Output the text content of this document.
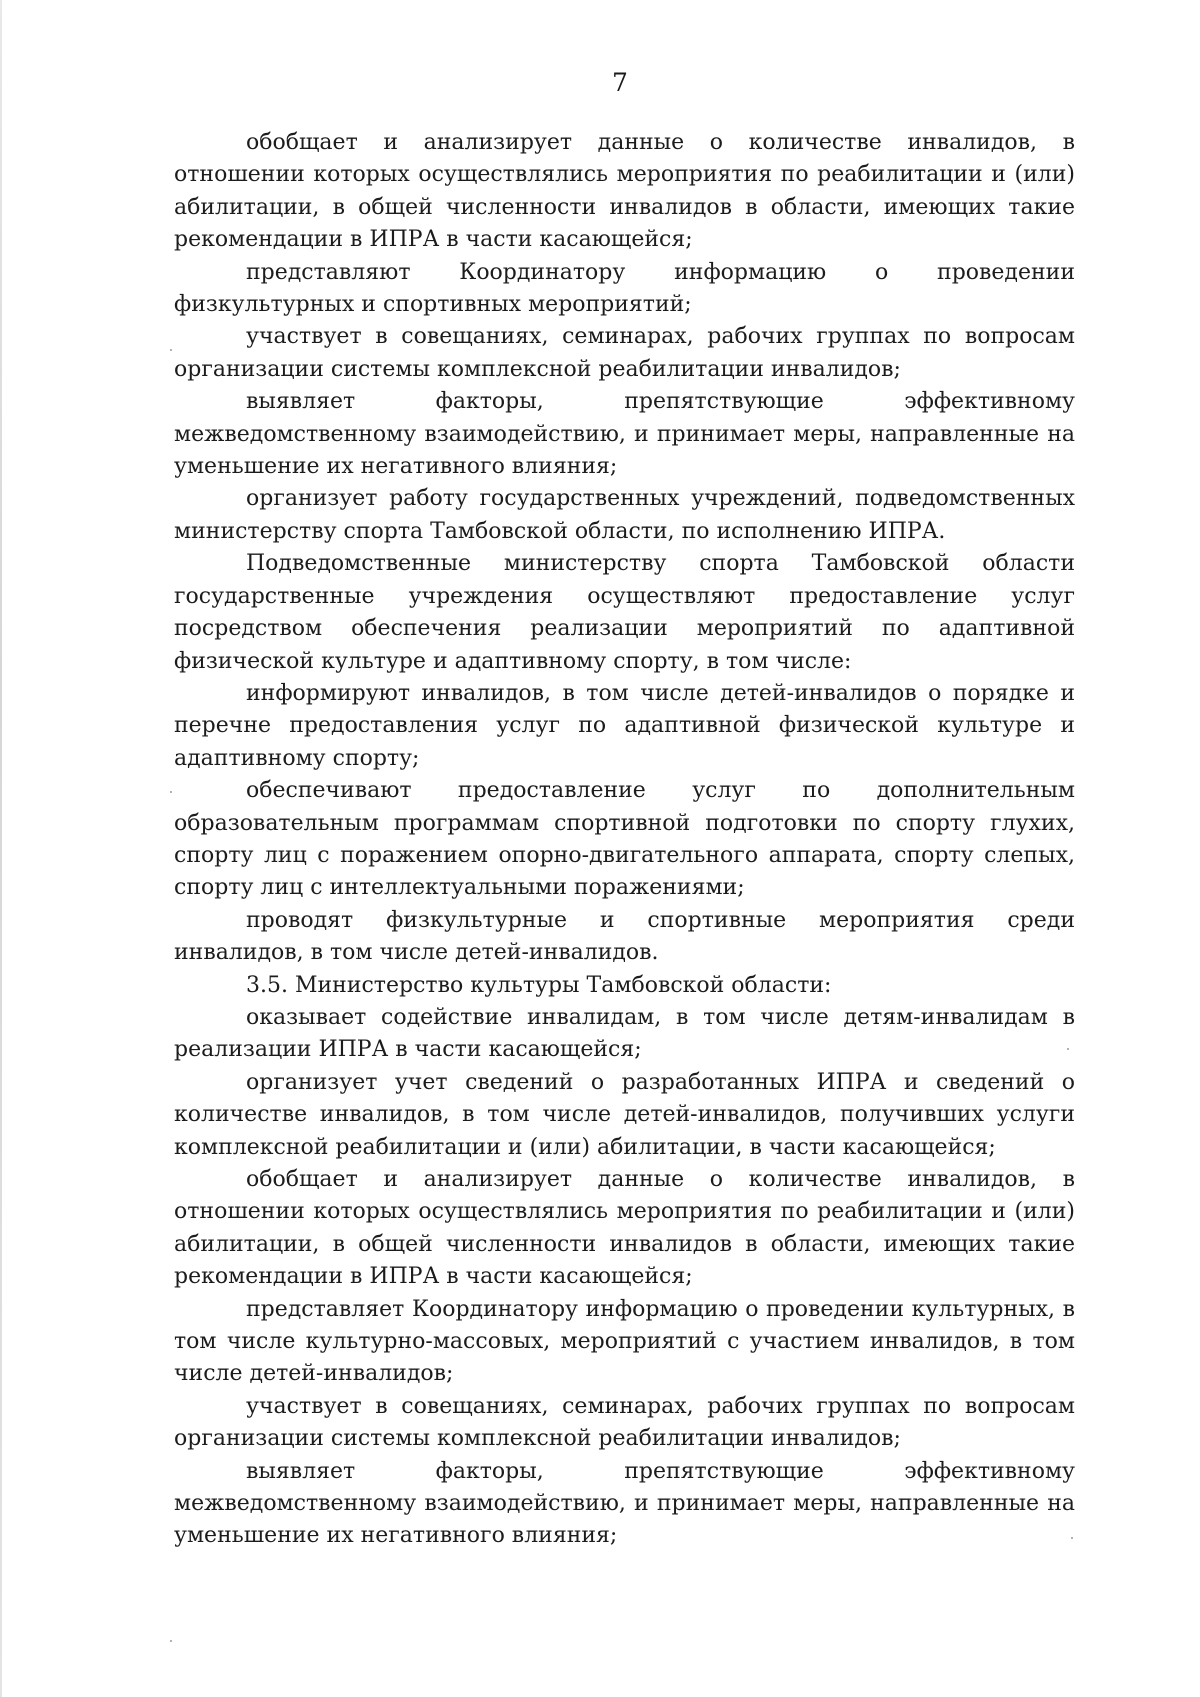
7

обобщает и анализирует данные о количестве инвалидов, в отношении которых осуществлялись мероприятия по реабилитации и (или) абилитации, в общей численности инвалидов в области, имеющих такие рекомендации в ИПРА в части касающейся;

представляют Координатору информацию о проведении физкультурных и спортивных мероприятий;

участвует в совещаниях, семинарах, рабочих группах по вопросам организации системы комплексной реабилитации инвалидов;

выявляет факторы, препятствующие эффективному межведомственному взаимодействию, и принимает меры, направленные на уменьшение их негативного влияния;

организует работу государственных учреждений, подведомственных министерству спорта Тамбовской области, по исполнению ИПРА.

Подведомственные министерству спорта Тамбовской области государственные учреждения осуществляют предоставление услуг посредством обеспечения реализации мероприятий по адаптивной физической культуре и адаптивному спорту, в том числе:

информируют инвалидов, в том числе детей-инвалидов о порядке и перечне предоставления услуг по адаптивной физической культуре и адаптивному спорту;

обеспечивают предоставление услуг по дополнительным образовательным программам спортивной подготовки по спорту глухих, спорту лиц с поражением опорно-двигательного аппарата, спорту слепых, спорту лиц с интеллектуальными поражениями;

проводят физкультурные и спортивные мероприятия среди инвалидов, в том числе детей-инвалидов.

3.5. Министерство культуры Тамбовской области:

оказывает содействие инвалидам, в том числе детям-инвалидам в реализации ИПРА в части касающейся;

организует учет сведений о разработанных ИПРА и сведений о количестве инвалидов, в том числе детей-инвалидов, получивших услуги комплексной реабилитации и (или) абилитации, в части касающейся;

обобщает и анализирует данные о количестве инвалидов, в отношении которых осуществлялись мероприятия по реабилитации и (или) абилитации, в общей численности инвалидов в области, имеющих такие рекомендации в ИПРА в части касающейся;

представляет Координатору информацию о проведении культурных, в том числе культурно-массовых, мероприятий с участием инвалидов, в том числе детей-инвалидов;

участвует в совещаниях, семинарах, рабочих группах по вопросам организации системы комплексной реабилитации инвалидов;

выявляет факторы, препятствующие эффективному межведомственному взаимодействию, и принимает меры, направленные на уменьшение их негативного влияния;
